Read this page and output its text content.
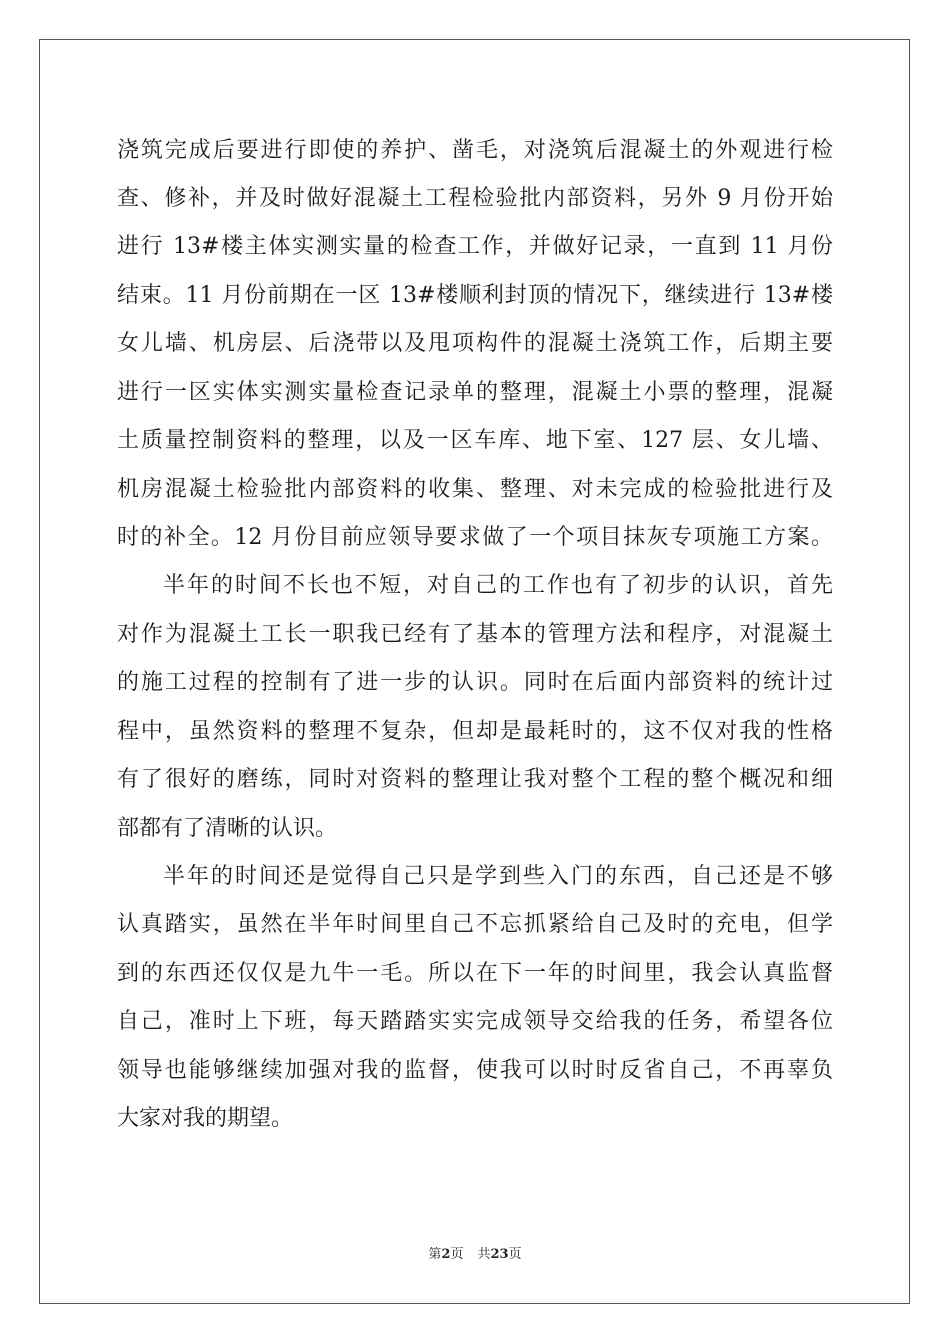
浇筑完成后要进行即使的养护、凿毛，对浇筑后混凝土的外观进行检
查、修补，并及时做好混凝土工程检验批内部资料，另外 9 月份开始
进行 13#楼主体实测实量的检查工作，并做好记录，一直到 11 月份
结束。11 月份前期在一区 13#楼顺利封顶的情况下，继续进行 13#楼
女儿墙、机房层、后浇带以及甩项构件的混凝土浇筑工作，后期主要
进行一区实体实测实量检查记录单的整理，混凝土小票的整理，混凝
土质量控制资料的整理，以及一区车库、地下室、127 层、女儿墙、
机房混凝土检验批内部资料的收集、整理、对未完成的检验批进行及
时的补全。12 月份目前应领导要求做了一个项目抹灰专项施工方案。
半年的时间不长也不短，对自己的工作也有了初步的认识，首先
对作为混凝土工长一职我已经有了基本的管理方法和程序，对混凝土
的施工过程的控制有了进一步的认识。同时在后面内部资料的统计过
程中，虽然资料的整理不复杂，但却是最耗时的，这不仅对我的性格
有了很好的磨练，同时对资料的整理让我对整个工程的整个概况和细
部都有了清晰的认识。
半年的时间还是觉得自己只是学到些入门的东西，自己还是不够
认真踏实，虽然在半年时间里自己不忘抓紧给自己及时的充电，但学
到的东西还仅仅是九牛一毛。所以在下一年的时间里，我会认真监督
自己，准时上下班，每天踏踏实实完成领导交给我的任务，希望各位
领导也能够继续加强对我的监督，使我可以时时反省自己，不再辜负
大家对我的期望。
第2页 共23页
